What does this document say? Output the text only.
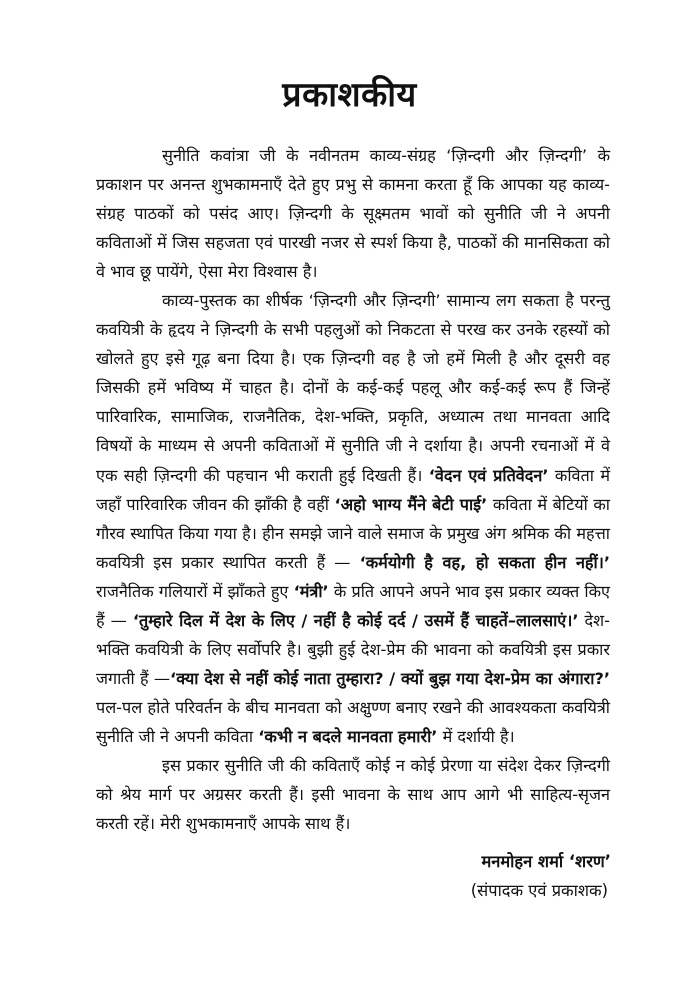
प्रकाशकीय

सुनीति कवांत्रा जी के नवीनतम काव्य-संग्रह ‘ज़िन्दगी और ज़िन्दगी’ के प्रकाशन पर अनन्त शुभकामनाएँ देते हुए प्रभु से कामना करता हूँ कि आपका यह काव्य-संग्रह पाठकों को पसंद आए। ज़िन्दगी के सूक्ष्मतम भावों को सुनीति जी ने अपनी कविताओं में जिस सहजता एवं पारखी नजर से स्पर्श किया है, पाठकों की मानसिकता को वे भाव छू पायेंगे, ऐसा मेरा विश्वास है।

काव्य-पुस्तक का शीर्षक ‘ज़िन्दगी और ज़िन्दगी’ सामान्य लग सकता है परन्तु कवयित्री के हृदय ने ज़िन्दगी के सभी पहलुओं को निकटता से परख कर उनके रहस्यों को खोलते हुए इसे गूढ़ बना दिया है। एक ज़िन्दगी वह है जो हमें मिली है और दूसरी वह जिसकी हमें भविष्य में चाहत है। दोनों के कई-कई पहलू और कई-कई रूप हैं जिन्हें पारिवारिक, सामाजिक, राजनैतिक, देश-भक्ति, प्रकृति, अध्यात्म तथा मानवता आदि विषयों के माध्यम से अपनी कविताओं में सुनीति जी ने दर्शाया है। अपनी रचनाओं में वे एक सही ज़िन्दगी की पहचान भी कराती हुई दिखती हैं। ‘वेदन एवं प्रतिवेदन’ कविता में जहाँ पारिवारिक जीवन की झाँकी है वहीं ‘अहो भाग्य मैंने बेटी पाई’ कविता में बेटियों का गौरव स्थापित किया गया है। हीन समझे जाने वाले समाज के प्रमुख अंग श्रमिक की महत्ता कवयित्री इस प्रकार स्थापित करती हैं — ‘कर्मयोगी है वह, हो सकता हीन नहीं।’ राजनैतिक गलियारों में झाँकते हुए ‘मंत्री’ के प्रति आपने अपने भाव इस प्रकार व्यक्त किए हैं — ‘तुम्हारे दिल में देश के लिए / नहीं है कोई दर्द / उसमें हैं चाहतें–लालसाएं।’ देश-भक्ति कवयित्री के लिए सर्वोपरि है। बुझी हुई देश-प्रेम की भावना को कवयित्री इस प्रकार जगाती हैं —‘क्या देश से नहीं कोई नाता तुम्हारा? / क्यों बुझ गया देश-प्रेम का अंगारा?’ पल-पल होते परिवर्तन के बीच मानवता को अक्षुण्ण बनाए रखने की आवश्यकता कवयित्री सुनीति जी ने अपनी कविता ‘कभी न बदले मानवता हमारी’ में दर्शायी है।

इस प्रकार सुनीति जी की कविताएँ कोई न कोई प्रेरणा या संदेश देकर ज़िन्दगी को श्रेय मार्ग पर अग्रसर करती हैं। इसी भावना के साथ आप आगे भी साहित्य-सृजन करती रहें। मेरी शुभकामनाएँ आपके साथ हैं।

मनमोहन शर्मा ‘शरण’
(संपादक एवं प्रकाशक)
